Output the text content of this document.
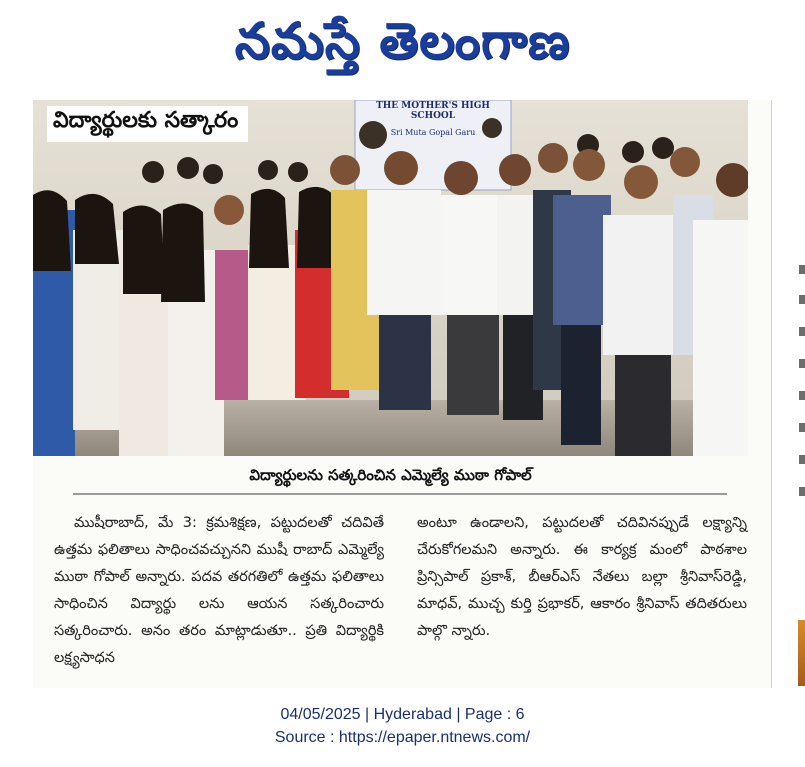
నమస్తే తెలంగాణ
THE MOTHER'S HIGH SCHOOL
Sri Muta Gopal Garu
విద్యార్థులకు సత్కారం
విద్యార్థులను సత్కరించిన ఎమ్మెల్యే ముఠా గోపాల్
ముషీరాబాద్, మే 3: క్రమశిక్షణ, పట్టుదలతో చదివితే ఉత్తమ ఫలితాలు సాధించవచ్చునని ముషీ రాబాద్ ఎమ్మెల్యే ముఠా గోపాల్ అన్నారు. పదవ తరగతిలో ఉత్తమ ఫలితాలు సాధించిన విద్యార్థు లను ఆయన సత్కరించారు సత్కరించారు. అనం తరం మాట్లాడుతూ.. ప్రతి విద్యార్థికి లక్ష్యసాధన
అంటూ ఉండాలని, పట్టుదలతో చదివినప్పుడే లక్ష్యాన్ని చేరుకోగలమని అన్నారు. ఈ కార్యక్ర మంలో పాఠశాల ప్రిన్సిపాల్ ప్రకాశ్, బీఆర్ఎస్ నేతలు బల్లా శ్రీనివాస్‌రెడ్డి, మాధవ్, ముచ్చ కుర్తి ప్రభాకర్, ఆకారం శ్రీనివాస్ తదితరులు పాల్గొ న్నారు.
04/05/2025 | Hyderabad | Page : 6
Source : https://epaper.ntnews.com/
